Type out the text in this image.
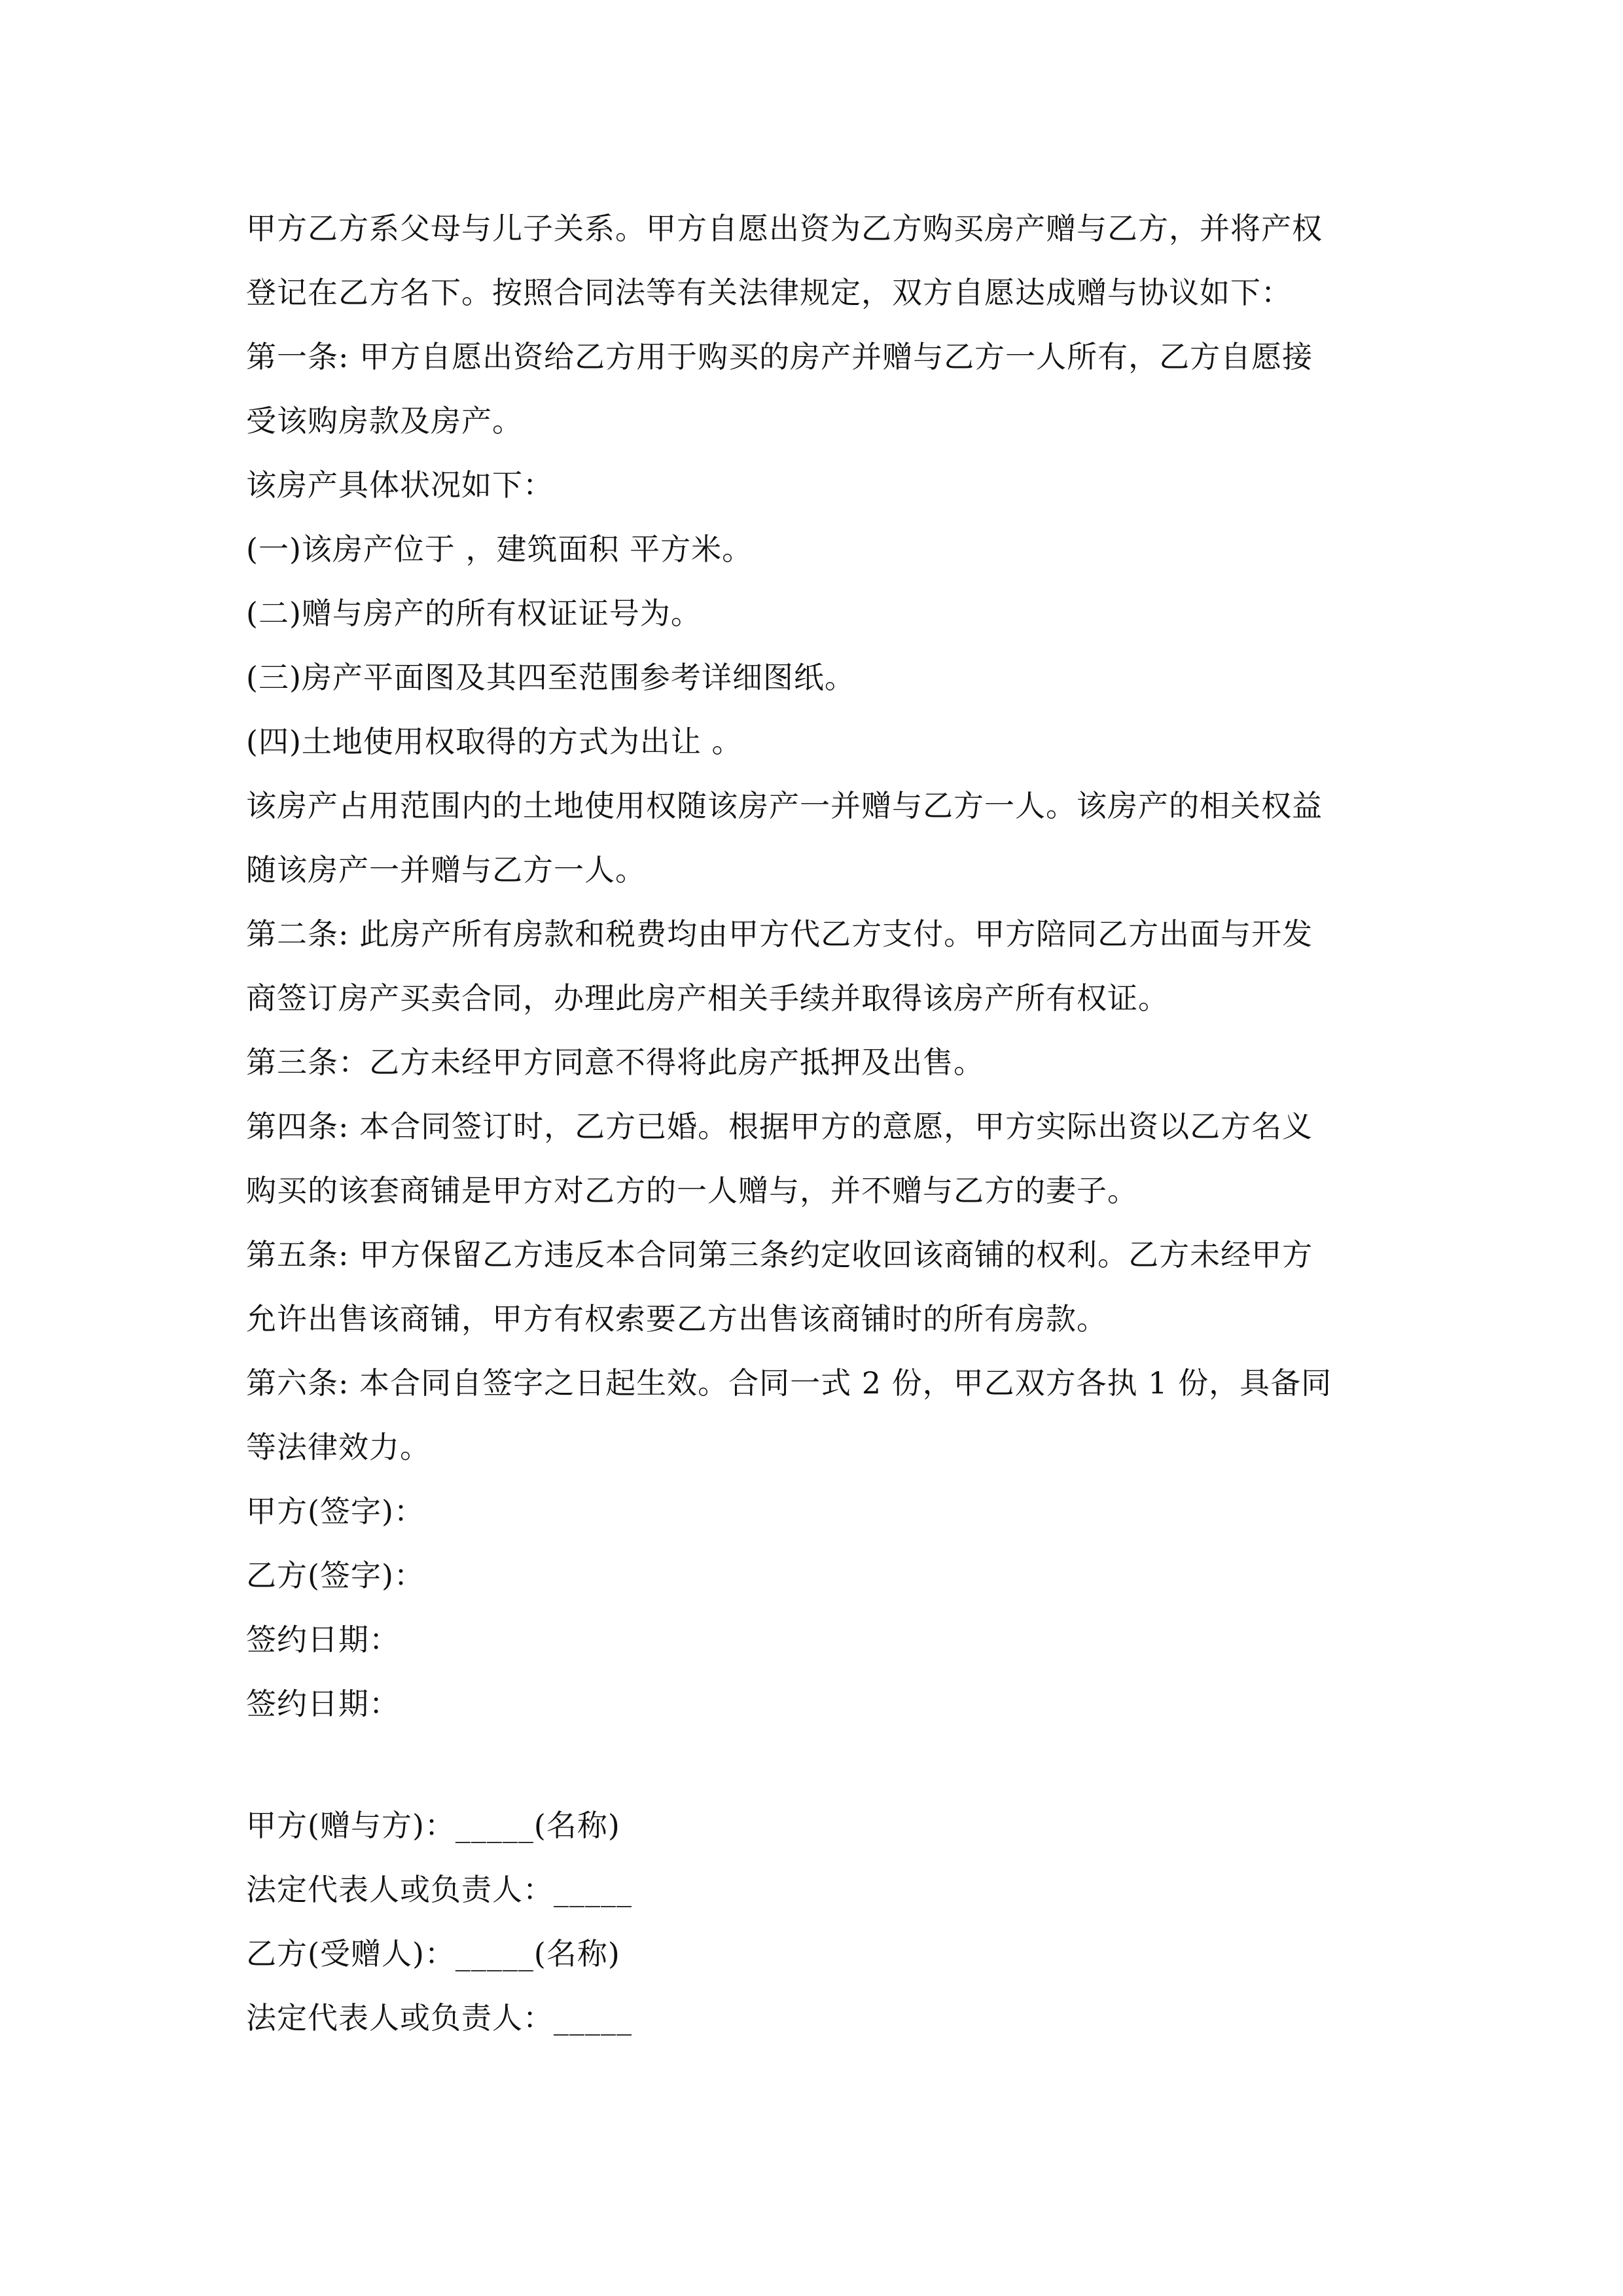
甲方乙方系父母与儿子关系。甲方自愿出资为乙方购买房产赠与乙方，并将产权

登记在乙方名下。按照合同法等有关法律规定，双方自愿达成赠与协议如下：

第一条: 甲方自愿出资给乙方用于购买的房产并赠与乙方一人所有，乙方自愿接

受该购房款及房产。

该房产具体状况如下：

(一)该房产位于 ，建筑面积 平方米。

(二)赠与房产的所有权证证号为。

(三)房产平面图及其四至范围参考详细图纸。

(四)土地使用权取得的方式为出让 。

该房产占用范围内的土地使用权随该房产一并赠与乙方一人。该房产的相关权益

随该房产一并赠与乙方一人。

第二条: 此房产所有房款和税费均由甲方代乙方支付。甲方陪同乙方出面与开发

商签订房产买卖合同，办理此房产相关手续并取得该房产所有权证。

第三条：乙方未经甲方同意不得将此房产抵押及出售。

第四条: 本合同签订时，乙方已婚。根据甲方的意愿，甲方实际出资以乙方名义

购买的该套商铺是甲方对乙方的一人赠与，并不赠与乙方的妻子。

第五条: 甲方保留乙方违反本合同第三条约定收回该商铺的权利。乙方未经甲方

允许出售该商铺，甲方有权索要乙方出售该商铺时的所有房款。

第六条: 本合同自签字之日起生效。合同一式 2 份，甲乙双方各执 1 份，具备同

等法律效力。

甲方(签字)：

乙方(签字)：

签约日期：

签约日期：

甲方(赠与方)：_____(名称)

法定代表人或负责人：_____

乙方(受赠人)：_____(名称)

法定代表人或负责人：_____
